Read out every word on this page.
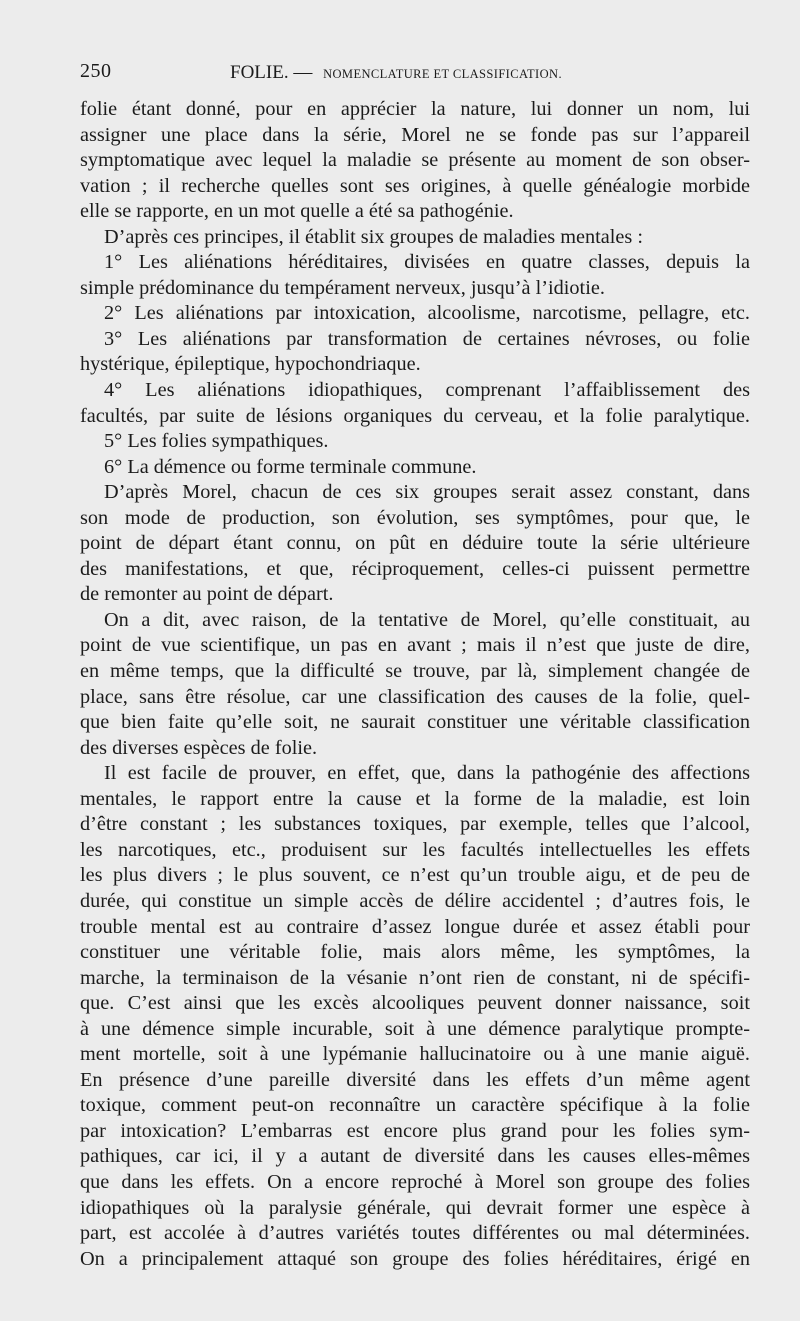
250	FOLIE. — NOMENCLATURE ET CLASSIFICATION.
folie étant donné, pour en apprécier la nature, lui donner un nom, lui
assigner une place dans la série, Morel ne se fonde pas sur l’appareil
symptomatique avec lequel la maladie se présente au moment de son obser-
vation ; il recherche quelles sont ses origines, à quelle généalogie morbide
elle se rapporte, en un mot quelle a été sa pathogénie.
D’après ces principes, il établit six groupes de maladies mentales :
1° Les aliénations héréditaires, divisées en quatre classes, depuis la
simple prédominance du tempérament nerveux, jusqu’à l’idiotie.
2° Les aliénations par intoxication, alcoolisme, narcotisme, pellagre, etc.
3° Les aliénations par transformation de certaines névroses, ou folie
hystérique, épileptique, hypochondriaque.
4° Les aliénations idiopathiques, comprenant l’affaiblissement des
facultés, par suite de lésions organiques du cerveau, et la folie paralytique.
5° Les folies sympathiques.
6° La démence ou forme terminale commune.
D’après Morel, chacun de ces six groupes serait assez constant, dans
son mode de production, son évolution, ses symptômes, pour que, le
point de départ étant connu, on pût en déduire toute la série ultérieure
des manifestations, et que, réciproquement, celles-ci puissent permettre
de remonter au point de départ.
On a dit, avec raison, de la tentative de Morel, qu’elle constituait, au
point de vue scientifique, un pas en avant ; mais il n’est que juste de dire,
en même temps, que la difficulté se trouve, par là, simplement changée de
place, sans être résolue, car une classification des causes de la folie, quel-
que bien faite qu’elle soit, ne saurait constituer une véritable classification
des diverses espèces de folie.
Il est facile de prouver, en effet, que, dans la pathogénie des affections
mentales, le rapport entre la cause et la forme de la maladie, est loin
d’être constant ; les substances toxiques, par exemple, telles que l’alcool,
les narcotiques, etc., produisent sur les facultés intellectuelles les effets
les plus divers ; le plus souvent, ce n’est qu’un trouble aigu, et de peu de
durée, qui constitue un simple accès de délire accidentel ; d’autres fois, le
trouble mental est au contraire d’assez longue durée et assez établi pour
constituer une véritable folie, mais alors même, les symptômes, la
marche, la terminaison de la vésanie n’ont rien de constant, ni de spécifi-
que. C’est ainsi que les excès alcooliques peuvent donner naissance, soit
à une démence simple incurable, soit à une démence paralytique prompte-
ment mortelle, soit à une lypémanie hallucinatoire ou à une manie aiguë.
En présence d’une pareille diversité dans les effets d’un même agent
toxique, comment peut-on reconnaître un caractère spécifique à la folie
par intoxication? L’embarras est encore plus grand pour les folies sym-
pathiques, car ici, il y a autant de diversité dans les causes elles-mêmes
que dans les effets. On a encore reproché à Morel son groupe des folies
idiopathiques où la paralysie générale, qui devrait former une espèce à
part, est accolée à d’autres variétés toutes différentes ou mal déterminées.
On a principalement attaqué son groupe des folies héréditaires, érigé en
